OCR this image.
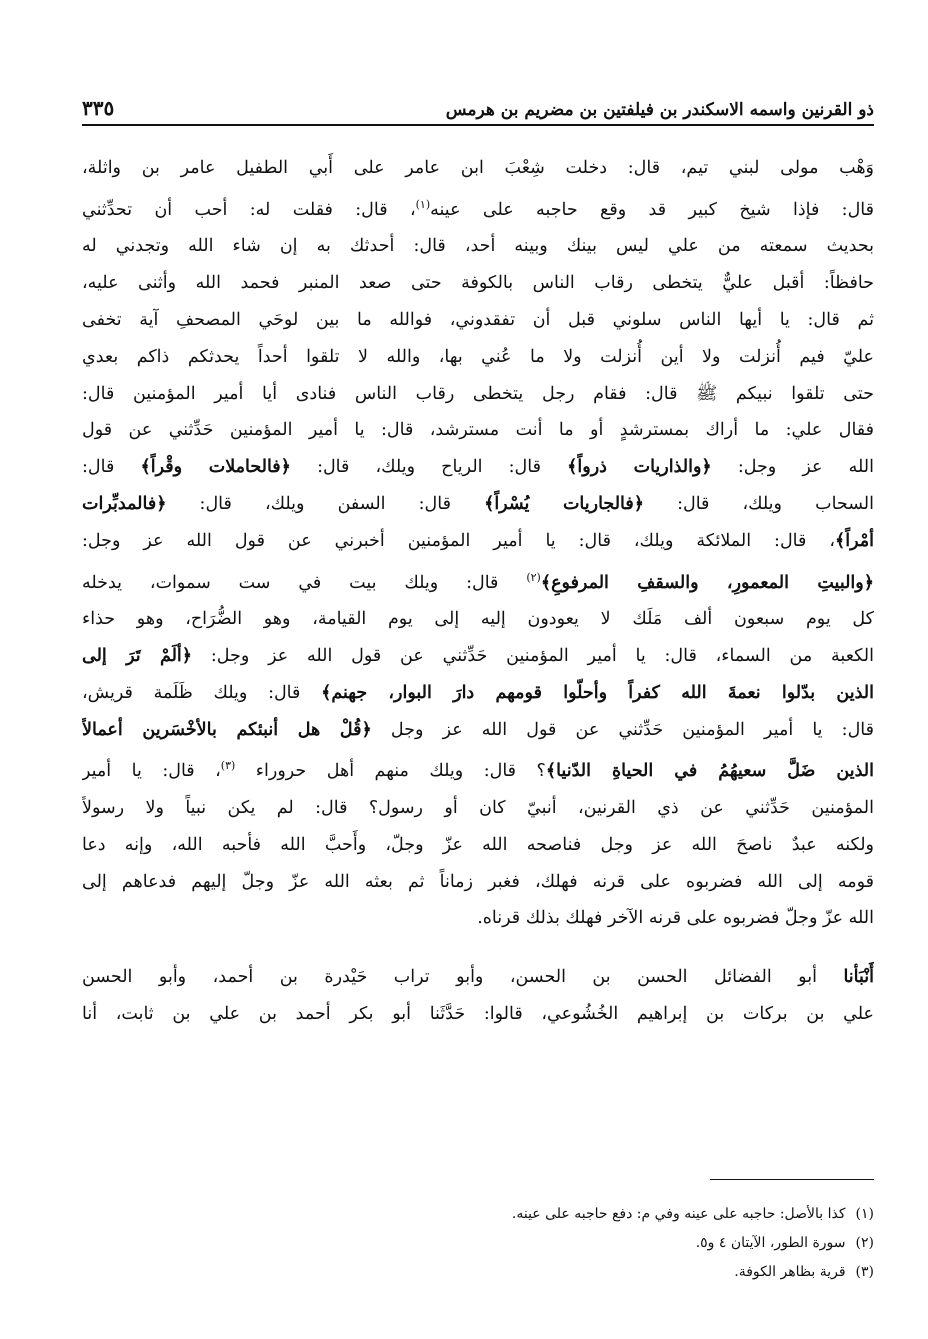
ذو القرنين واسمه الاسكندر بن فيلفتين بن مضريم بن هرمس
٣٣٥

وَهْب مولى لبني تيم، قال: دخلت شِعْبَ ابن عامر على أَبي الطفيل عامر بن واثلة،
قال: فإذا شيخ كبير قد وقع حاجبه على عينه$^{(١)}$، قال: فقلت له: أحب أن تحدِّثني
بحديث سمعته من علي ليس بينك وبينه أحد، قال: أحدثك به إن شاء الله وتجدني له
حافظاً: أقبل عليٌّ يتخطى رقاب الناس بالكوفة حتى صعد المنبر فحمد الله وأثنى عليه،
ثم قال: يا أيها الناس سلوني قبل أن تفقدوني، فوالله ما بين لوحَي المصحفِ آية تخفى
عليّ فيم أُنزلت ولا أين أُنزلت ولا ما عُني بها، والله لا تلقوا أحداً يحدثكم ذاكم بعدي
حتى تلقوا نبيكم ﷺ قال: فقام رجل يتخطى رقاب الناس فنادى أيا أمير المؤمنين قال:
فقال علي: ما أراك بمسترشدٍ أو ما أنت مسترشد، قال: يا أمير المؤمنين حَدِّثني عن قول
الله عز وجل: ﴿والذاريات ذرواً﴾ قال: الرياح ويلك، قال: ﴿فالحاملات وقْراً﴾ قال:
السحاب ويلك، قال: ﴿فالجاريات يُسْراً﴾ قال: السفن ويلك، قال: ﴿فالمدبِّرات
أمْراً﴾، قال: الملائكة ويلك، قال: يا أمير المؤمنين أخبرني عن قول الله عز وجل:
﴿والبيتِ المعمورِ، والسقفِ المرفوعِ﴾$^{(٢)}$ قال: ويلك بيت في ست سموات، يدخله
كل يوم سبعون ألف مَلَك لا يعودون إليه إلى يوم القيامة، وهو الضُّرَاح، وهو حذاء
الكعبة من السماء، قال: يا أمير المؤمنين حَدِّثني عن قول الله عز وجل: ﴿ألَمْ تَرَ إلى
الذين بدّلوا نعمةَ الله كفراً وأحلّوا قومهم دارَ البوار، جهنم﴾ قال: ويلك ظَلَمة قريش،
قال: يا أمير المؤمنين حَدِّثني عن قول الله عز وجل ﴿قُلْ هل أنبئكم بالأخْسَرين أعمالاً
الذين ضَلَّ سعيهُمُ في الحياةِ الدّنيا﴾؟ قال: ويلك منهم أهل حروراء $^{(٣)}$، قال: يا أمير
المؤمنين حَدِّثني عن ذي القرنين، أنبيّ كان أو رسول؟ قال: لم يكن نبياً ولا رسولاً
ولكنه عبدٌ ناصحَ الله عز وجل فناصحه الله عزّ وجلّ، وأَحبَّ الله فأحبه الله، وإنه دعا
قومه إلى الله فضربوه على قرنه فهلك، فغبر زماناً ثم بعثه الله عزّ وجلّ إليهم فدعاهم إلى
الله عزّ وجلّ فضربوه على قرنه الآخر فهلك بذلك قرناه.

أَنْبَأنا أبو الفضائل الحسن بن الحسن، وأبو تراب حَيْدرة بن أحمد، وأبو الحسن
علي بن بركات بن إبراهيم الخُشُوعي، قالوا: حَدَّثَنا أبو بكر أحمد بن علي بن ثابت، أنا

(١)كذا بالأصل: حاجبه على عينه وفي م: دفع حاجبه على عينه.
(٢)سورة الطور، الآيتان ٤ و٥.
(٣)قرية بظاهر الكوفة.
